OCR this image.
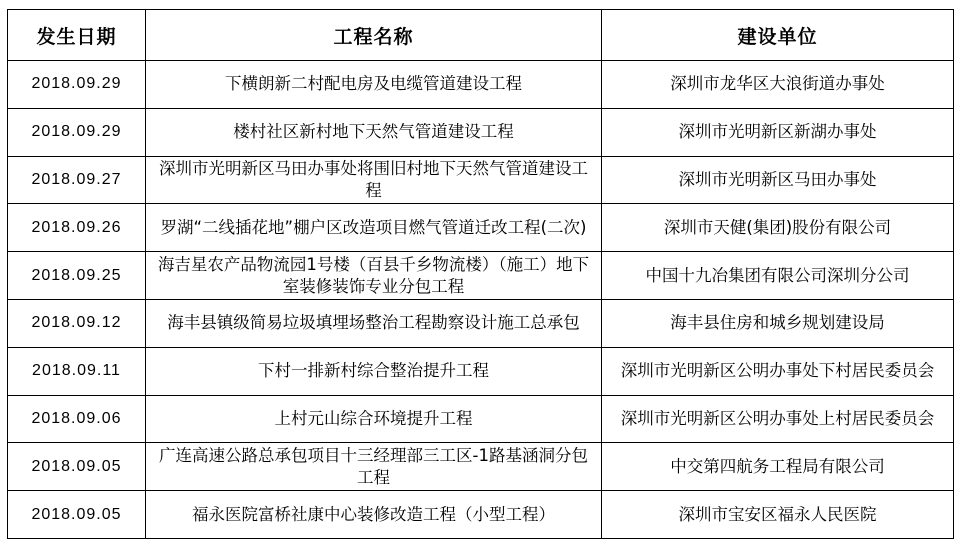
发生日期	工程名称	建设单位
2018.09.29	下横朗新二村配电房及电缆管道建设工程	深圳市龙华区大浪街道办事处
2018.09.29	楼村社区新村地下天然气管道建设工程	深圳市光明新区新湖办事处
2018.09.27	深圳市光明新区马田办事处将围旧村地下天然气管道建设工程	深圳市光明新区马田办事处
2018.09.26	罗湖“二线插花地”棚户区改造项目燃气管道迁改工程(二次)	深圳市天健(集团)股份有限公司
2018.09.25	海吉星农产品物流园1号楼（百县千乡物流楼）（施工）地下室装修装饰专业分包工程	中国十九冶集团有限公司深圳分公司
2018.09.12	海丰县镇级简易垃圾填埋场整治工程勘察设计施工总承包	海丰县住房和城乡规划建设局
2018.09.11	下村一排新村综合整治提升工程	深圳市光明新区公明办事处下村居民委员会
2018.09.06	上村元山综合环境提升工程	深圳市光明新区公明办事处上村居民委员会
2018.09.05	广连高速公路总承包项目十三经理部三工区-1路基涵洞分包工程	中交第四航务工程局有限公司
2018.09.05	福永医院富桥社康中心装修改造工程（小型工程）	深圳市宝安区福永人民医院
